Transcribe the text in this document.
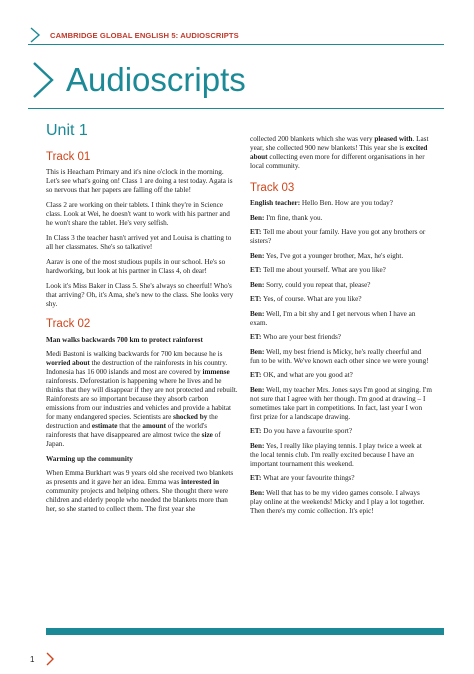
CAMBRIDGE GLOBAL ENGLISH 5: AUDIOSCRIPTS
Audioscripts
Unit 1
Track 01

This is Heacham Primary and it's nine o'clock in the morning. Let's see what's going on! Class 1 are doing a test today. Agata is so nervous that her papers are falling off the table!

Class 2 are working on their tablets. I think they're in Science class. Look at Wei, he doesn't want to work with his partner and he won't share the tablet. He's very selfish.

In Class 3 the teacher hasn't arrived yet and Louisa is chatting to all her classmates. She's so talkative!

Aarav is one of the most studious pupils in our school. He's so hardworking, but look at his partner in Class 4, oh dear!

Look it's Miss Baker in Class 5. She's always so cheerful! Who's that arriving? Oh, it's Ama, she's new to the class. She looks very shy.

Track 02

Man walks backwards 700 km to protect rainforest

Medi Bastoni is walking backwards for 700 km because he is worried about the destruction of the rainforests in his country. Indonesia has 16 000 islands and most are covered by immense rainforests. Deforestation is happening where he lives and he thinks that they will disappear if they are not protected and rebuilt. Rainforests are so important because they absorb carbon emissions from our industries and vehicles and provide a habitat for many endangered species. Scientists are shocked by the destruction and estimate that the amount of the world's rainforests that have disappeared are almost twice the size of Japan.

Warming up the community

When Emma Burkhart was 9 years old she received two blankets as presents and it gave her an idea. Emma was interested in community projects and helping others. She thought there were children and elderly people who needed the blankets more than her, so she started to collect them. The first year she

collected 200 blankets which she was very pleased with. Last year, she collected 900 new blankets! This year she is excited about collecting even more for different organisations in her local community.

Track 03

English teacher: Hello Ben. How are you today?

Ben: I'm fine, thank you.

ET: Tell me about your family. Have you got any brothers or sisters?

Ben: Yes, I've got a younger brother, Max, he's eight.

ET: Tell me about yourself. What are you like?

Ben: Sorry, could you repeat that, please?

ET: Yes, of course. What are you like?

Ben: Well, I'm a bit shy and I get nervous when I have an exam.

ET: Who are your best friends?

Ben: Well, my best friend is Micky, he's really cheerful and fun to be with. We've known each other since we were young!

ET: OK, and what are you good at?

Ben: Well, my teacher Mrs. Jones says I'm good at singing. I'm not sure that I agree with her though. I'm good at drawing – I sometimes take part in competitions. In fact, last year I won first prize for a landscape drawing.

ET: Do you have a favourite sport?

Ben: Yes, I really like playing tennis. I play twice a week at the local tennis club. I'm really excited because I have an important tournament this weekend.

ET: What are your favourite things?

Ben: Well that has to be my video games console. I always play online at the weekends! Micky and I play a lot together. Then there's my comic collection. It's epic!

1
